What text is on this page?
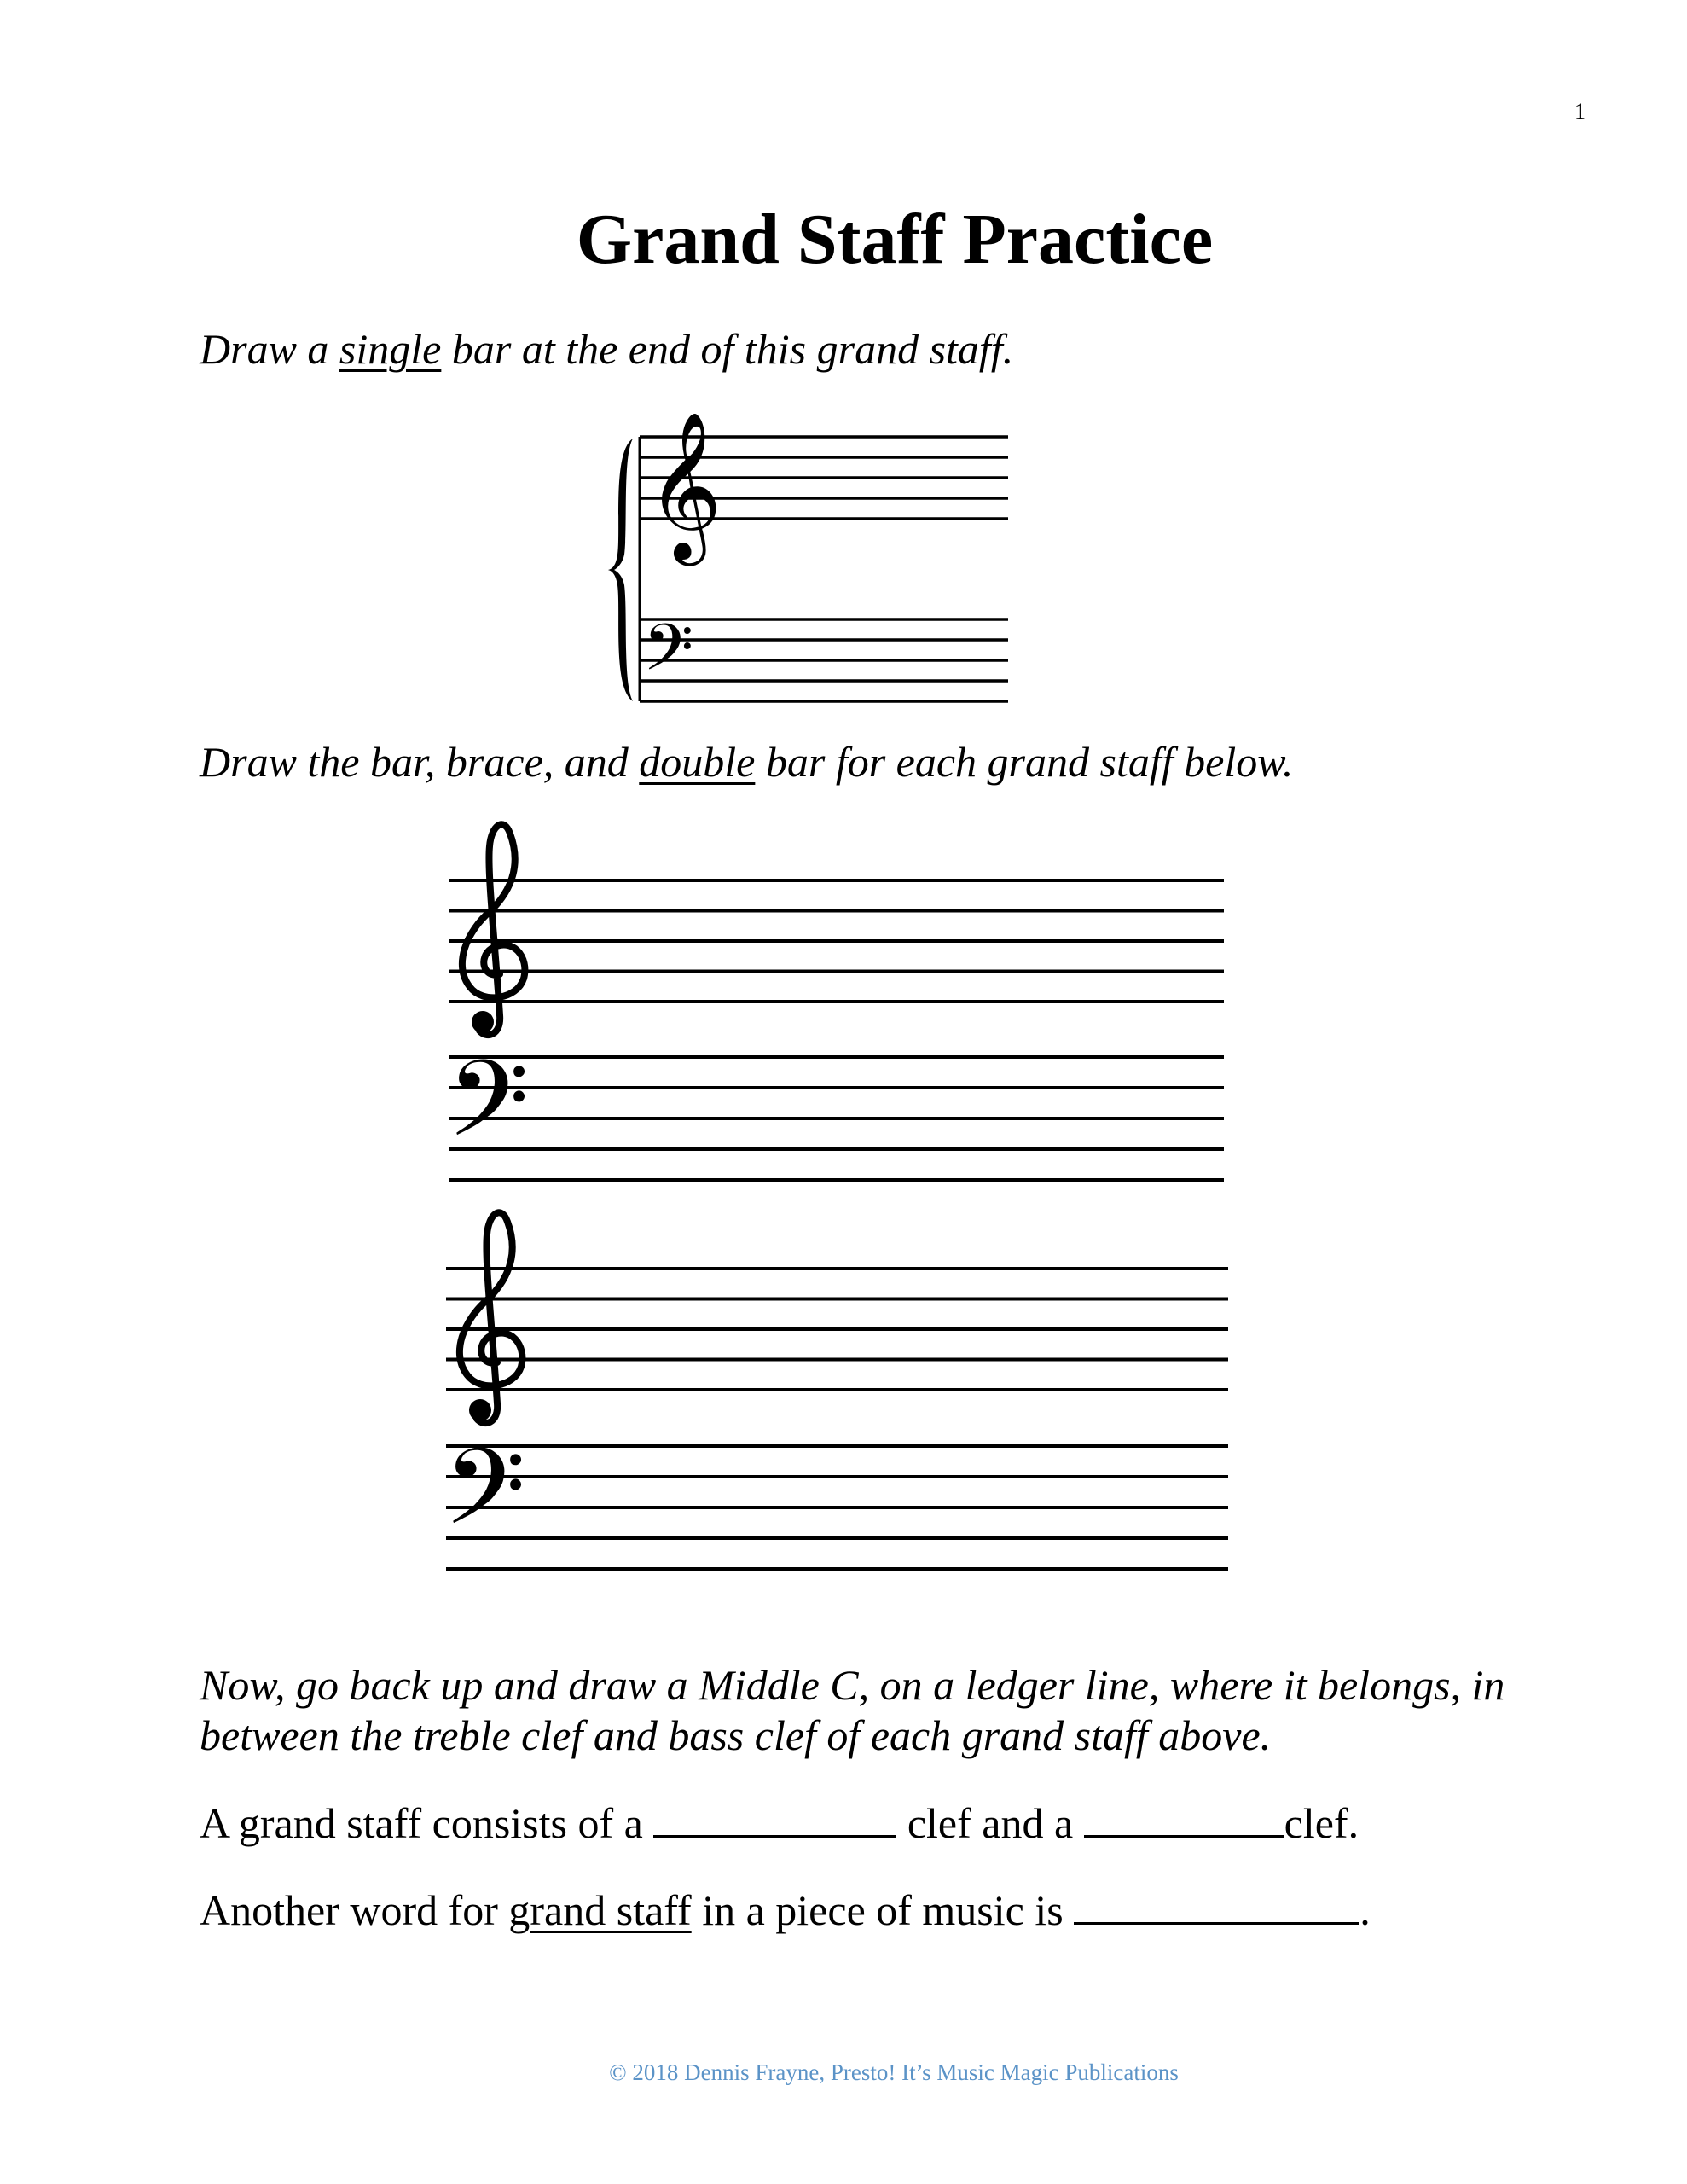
1
Grand Staff Practice
Draw a single bar at the end of this grand staff.
Draw the bar, brace, and double bar for each grand staff below.
Now, go back up and draw a Middle C, on a ledger line, where it belongs, in
between the treble clef and bass clef of each grand staff above.
A grand staff consists of a	clef and a	clef.
Another word for grand staff in a piece of music is	.
© 2018 Dennis Frayne, Presto! It’s Music Magic Publications
𝄞
𝄢
𝄢
𝄢
